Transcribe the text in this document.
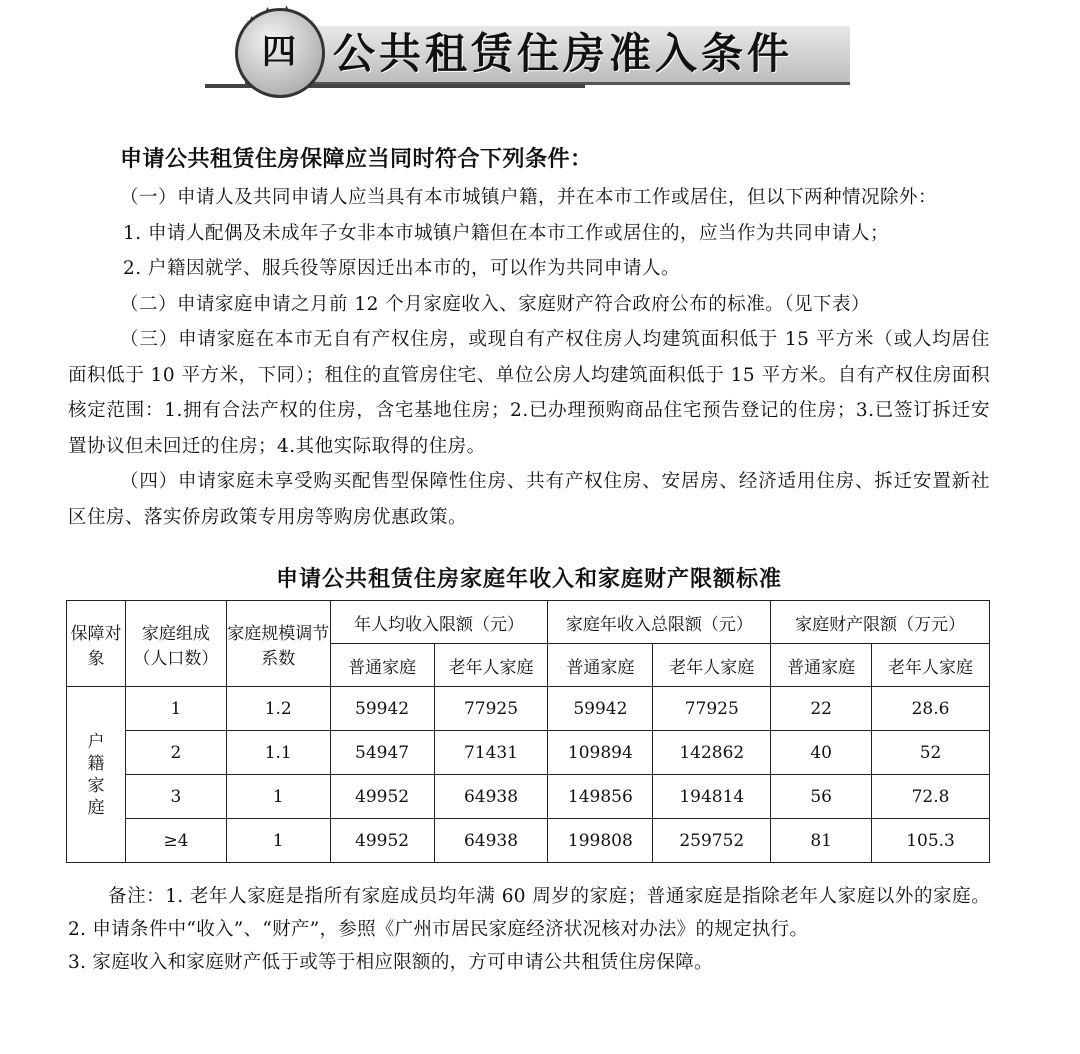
四 公共租赁住房准入条件

申请公共租赁住房保障应当同时符合下列条件：

（一）申请人及共同申请人应当具有本市城镇户籍，并在本市工作或居住，但以下两种情况除外：

1. 申请人配偶及未成年子女非本市城镇户籍但在本市工作或居住的，应当作为共同申请人；

2. 户籍因就学、服兵役等原因迁出本市的，可以作为共同申请人。

（二）申请家庭申请之月前 12 个月家庭收入、家庭财产符合政府公布的标准。（见下表）

（三）申请家庭在本市无自有产权住房，或现自有产权住房人均建筑面积低于 15 平方米（或人均居住面积低于 10 平方米，下同）；租住的直管房住宅、单位公房人均建筑面积低于 15 平方米。自有产权住房面积核定范围：1.拥有合法产权的住房，含宅基地住房；2.已办理预购商品住宅预告登记的住房；3.已签订拆迁安置协议但未回迁的住房；4.其他实际取得的住房。

（四）申请家庭未享受购买配售型保障性住房、共有产权住房、安居房、经济适用住房、拆迁安置新社区住房、落实侨房政策专用房等购房优惠政策。

申请公共租赁住房家庭年收入和家庭财产限额标准
保障对象	家庭组成（人口数）	家庭规模调节系数	年人均收入限额（元）		家庭年收入总限额（元）		家庭财产限额（万元）	
			普通家庭	老年人家庭	普通家庭	老年人家庭	普通家庭	老年人家庭

户籍家庭	1	1.2	59942	77925	59942	77925	22	28.6
	2	1.1	54947	71431	109894	142862	40	52
	3	1	49952	64938	149856	194814	56	72.8
	≥4	1	49952	64938	199808	259752	81	105.3

备注：1. 老年人家庭是指所有家庭成员均年满 60 周岁的家庭；普通家庭是指除老年人家庭以外的家庭。2. 申请条件中“收入”、“财产”，参照《广州市居民家庭经济状况核对办法》的规定执行。

3. 家庭收入和家庭财产低于或等于相应限额的，方可申请公共租赁住房保障。
